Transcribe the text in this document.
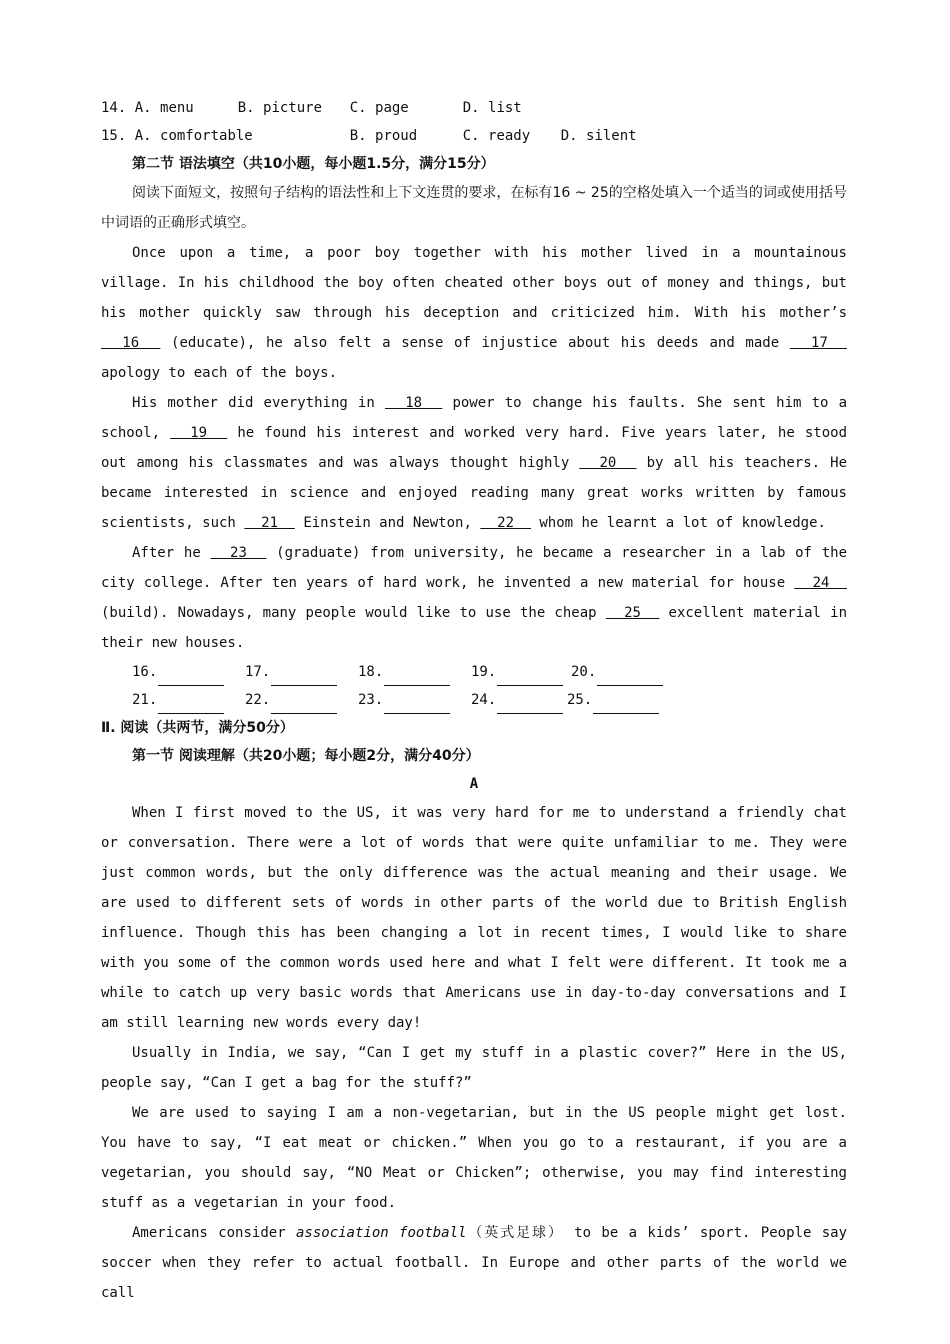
14. A. menu	B. picture C. page	D. list
15. A. comfortable	B. proud	C. ready D. silent
第二节 语法填空（共10小题，每小题1.5分，满分15分）

阅读下面短文，按照句子结构的语法性和上下文连贯的要求，在标有16 ~ 25的空格处填入一个适当的词或使用括号中词语的正确形式填空。

Once upon a time, a poor boy together with his mother lived in a mountainous village. In his childhood the boy often cheated other boys out of money and things, but his mother quickly saw through his deception and criticized him. With his mother’s   16   (educate), he also felt a sense of injustice about his deeds and made   17   apology to each of the boys.

His mother did everything in   18   power to change his faults. She sent him to a school,   19   he found his interest and worked very hard. Five years later, he stood out among his classmates and was always thought highly   20   by all his teachers. He became interested in science and enjoyed reading many great works written by famous scientists, such   21   Einstein and Newton,   22   whom he learnt a lot of knowledge.

After he   23   (graduate) from university, he became a researcher in a lab of the city college. After ten years of hard work, he invented a new material for house   24   (build). Nowadays, many people would like to use the cheap   25   excellent material in their new houses.

16.	17.	18.	19.	20.
21.	22.	23.	24.	25.
Ⅱ. 阅读（共两节，满分50分）
第一节 阅读理解（共20小题；每小题2分，满分40分）
A

When I first moved to the US, it was very hard for me to understand a friendly chat or conversation. There were a lot of words that were quite unfamiliar to me. They were just common words, but the only difference was the actual meaning and their usage. We are used to different sets of words in other parts of the world due to British English influence. Though this has been changing a lot in recent times, I would like to share with you some of the common words used here and what I felt were different. It took me a while to catch up very basic words that Americans use in day-to-day conversations and I am still learning new words every day!

Usually in India, we say, “Can I get my stuff in a plastic cover?” Here in the US, people say, “Can I get a bag for the stuff?”

We are used to saying I am a non-vegetarian, but in the US people might get lost. You have to say, “I eat meat or chicken.” When you go to a restaurant, if you are a vegetarian, you should say, “NO Meat or Chicken”; otherwise, you may find interesting stuff as a vegetarian in your food.

Americans consider association football（英式足球） to be a kids’ sport. People say soccer when they refer to actual football. In Europe and other parts of the world we call
